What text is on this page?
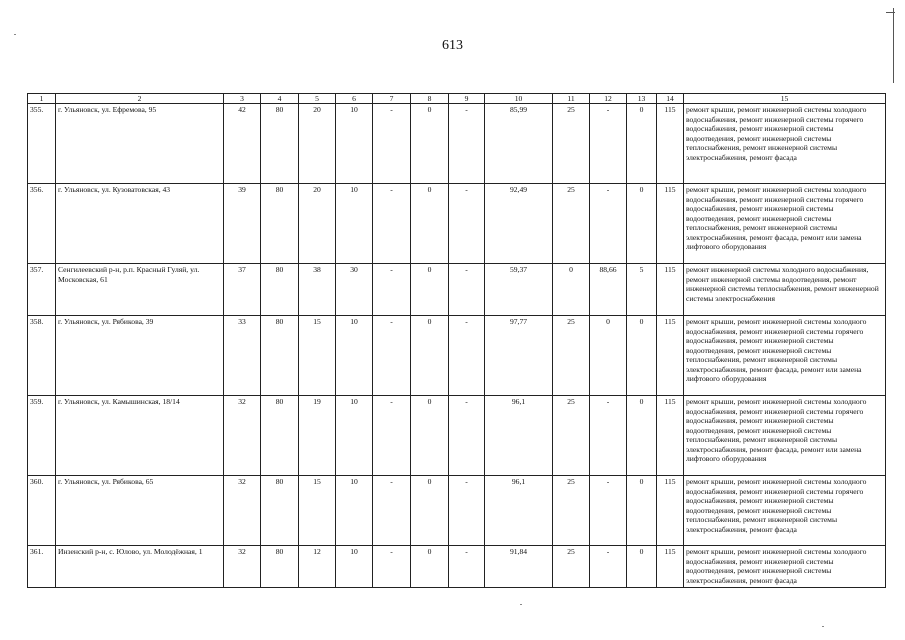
613
1	2	3	4	5	6	7	8	9	10	11	12	13	14	15
355.	г. Ульяновск, ул. Ефремова, 95	42	80	20	10	-	0	-	85,99	25	-	0	115	ремонт крыши, ремонт инженерной системы холодного водоснабжения, ремонт инженерной системы горячего водоснабжения, ремонт инженерной системы водоотведения, ремонт инженерной системы теплоснабжения, ремонт инженерной системы электроснабжения, ремонт фасада
356.	г. Ульяновск, ул. Кузоватовская, 43	39	80	20	10	-	0	-	92,49	25	-	0	115	ремонт крыши, ремонт инженерной системы холодного водоснабжения, ремонт инженерной системы горячего водоснабжения, ремонт инженерной системы водоотведения, ремонт инженерной системы теплоснабжения, ремонт инженерной системы электроснабжения, ремонт фасада, ремонт или замена лифтового оборудования
357.	Сенгилеевский р-н, р.п. Красный Гуляй, ул. Московская, 61	37	80	38	30	-	0	-	59,37	0	88,66	5	115	ремонт инженерной системы холодного водоснабжения, ремонт инженерной системы водоотведения, ремонт инженерной системы теплоснабжения, ремонт инженерной системы электроснабжения
358.	г. Ульяновск, ул. Рябикова, 39	33	80	15	10	-	0	-	97,77	25	0	0	115	ремонт крыши, ремонт инженерной системы холодного водоснабжения, ремонт инженерной системы горячего водоснабжения, ремонт инженерной системы водоотведения, ремонт инженерной системы теплоснабжения, ремонт инженерной системы электроснабжения, ремонт фасада, ремонт или замена лифтового оборудования
359.	г. Ульяновск, ул. Камышинская, 18/14	32	80	19	10	-	0	-	96,1	25	-	0	115	ремонт крыши, ремонт инженерной системы холодного водоснабжения, ремонт инженерной системы горячего водоснабжения, ремонт инженерной системы водоотведения, ремонт инженерной системы теплоснабжения, ремонт инженерной системы электроснабжения, ремонт фасада, ремонт или замена лифтового оборудования
360.	г. Ульяновск, ул. Рябикова, 65	32	80	15	10	-	0	-	96,1	25	-	0	115	ремонт крыши, ремонт инженерной системы холодного водоснабжения, ремонт инженерной системы горячего водоснабжения, ремонт инженерной системы водоотведения, ремонт инженерной системы теплоснабжения, ремонт инженерной системы электроснабжения, ремонт фасада
361.	Инзенский р-н, с. Юлово, ул. Молодёжная, 1	32	80	12	10	-	0	-	91,84	25	-	0	115	ремонт крыши, ремонт инженерной системы холодного водоснабжения, ремонт инженерной системы водоотведения, ремонт инженерной системы электроснабжения, ремонт фасада
